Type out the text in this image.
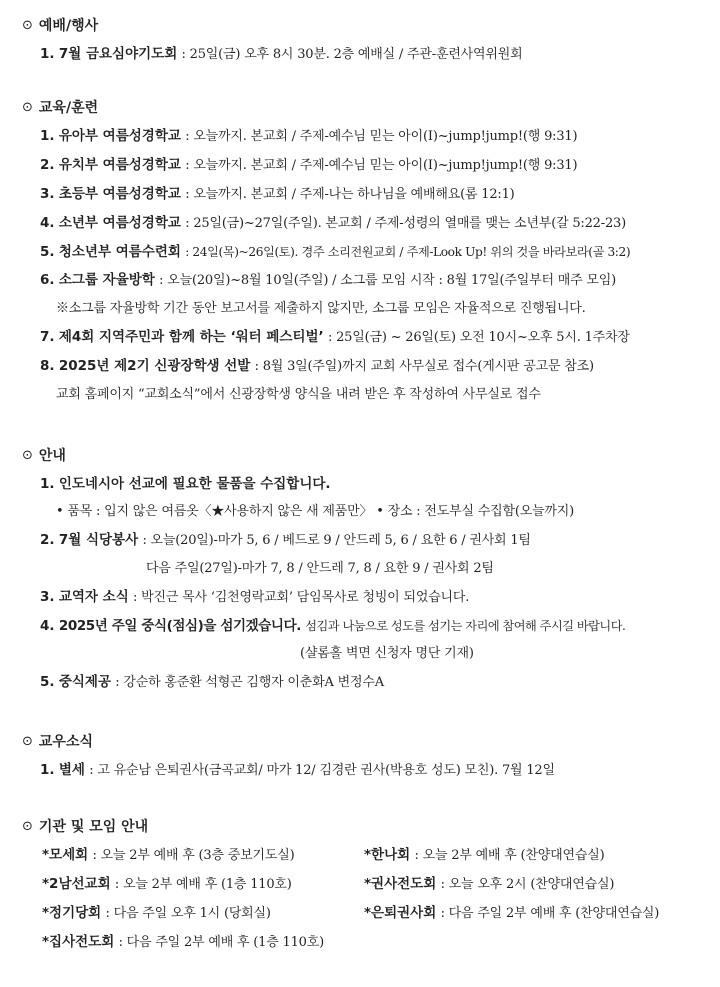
⊙ 예배/행사
1. 7월 금요심야기도회 : 25일(금) 오후 8시 30분. 2층 예배실 / 주관-훈련사역위원회
⊙ 교육/훈련
1. 유아부 여름성경학교 : 오늘까지. 본교회 / 주제-예수님 믿는 아이(I)~jump!jump!(행 9:31)
2. 유치부 여름성경학교 : 오늘까지. 본교회 / 주제-예수님 믿는 아이(I)~jump!jump!(행 9:31)
3. 초등부 여름성경학교 : 오늘까지. 본교회 / 주제-나는 하나님을 예배해요(롬 12:1)
4. 소년부 여름성경학교 : 25일(금)~27일(주일). 본교회 / 주제-성령의 열매를 맺는 소년부(갈 5:22-23)
5. 청소년부 여름수련회 : 24일(목)~26일(토). 경주 소리전원교회 / 주제-Look Up! 위의 것을 바라보라(골 3:2)
6. 소그룹 자율방학 : 오늘(20일)~8월 10일(주일) / 소그룹 모임 시작 : 8월 17일(주일부터 매주 모임)
※소그룹 자율방학 기간 동안 보고서를 제출하지 않지만, 소그룹 모임은 자율적으로 진행됩니다.
7. 제4회 지역주민과 함께 하는 ‘워터 페스티벌’ : 25일(금) ~ 26일(토) 오전 10시~오후 5시. 1주차장
8. 2025년 제2기 신광장학생 선발 : 8월 3일(주일)까지 교회 사무실로 접수(게시판 공고문 참조)
교회 홈페이지 “교회소식”에서 신광장학생 양식을 내려 받은 후 작성하여 사무실로 접수
⊙ 안내
1. 인도네시아 선교에 필요한 물품을 수집합니다.
• 품목 : 입지 않은 여름옷〈★사용하지 않은 새 제품만〉 • 장소 : 전도부실 수집함(오늘까지)
2. 7월 식당봉사 : 오늘(20일)-마가 5, 6 / 베드로 9 / 안드레 5, 6 / 요한 6 / 권사회 1팀
다음 주일(27일)-마가 7, 8 / 안드레 7, 8 / 요한 9 / 권사회 2팀
3. 교역자 소식 : 박진근 목사 ‘김천영락교회’ 담임목사로 청빙이 되었습니다.
4. 2025년 주일 중식(점심)을 섬기겠습니다. 섬김과 나눔으로 성도를 섬기는 자리에 참여해 주시길 바랍니다.
(샬롬홀 벽면 신청자 명단 기재)
5. 중식제공 : 강순하 홍준환 석형곤 김행자 이춘화A 변정수A
⊙ 교우소식
1. 별세 : 고 유순남 은퇴권사(금곡교회/ 마가 12/ 김경란 권사(박용호 성도) 모친). 7월 12일
⊙ 기관 및 모임 안내
*모세회 : 오늘 2부 예배 후 (3층 중보기도실)	*한나회 : 오늘 2부 예배 후 (찬양대연습실)
*2남선교회 : 오늘 2부 예배 후 (1층 110호)	*권사전도회 : 오늘 오후 2시 (찬양대연습실)
*정기당회 : 다음 주일 오후 1시 (당회실)	*은퇴권사회 : 다음 주일 2부 예배 후 (찬양대연습실)
*집사전도회 : 다음 주일 2부 예배 후 (1층 110호)
